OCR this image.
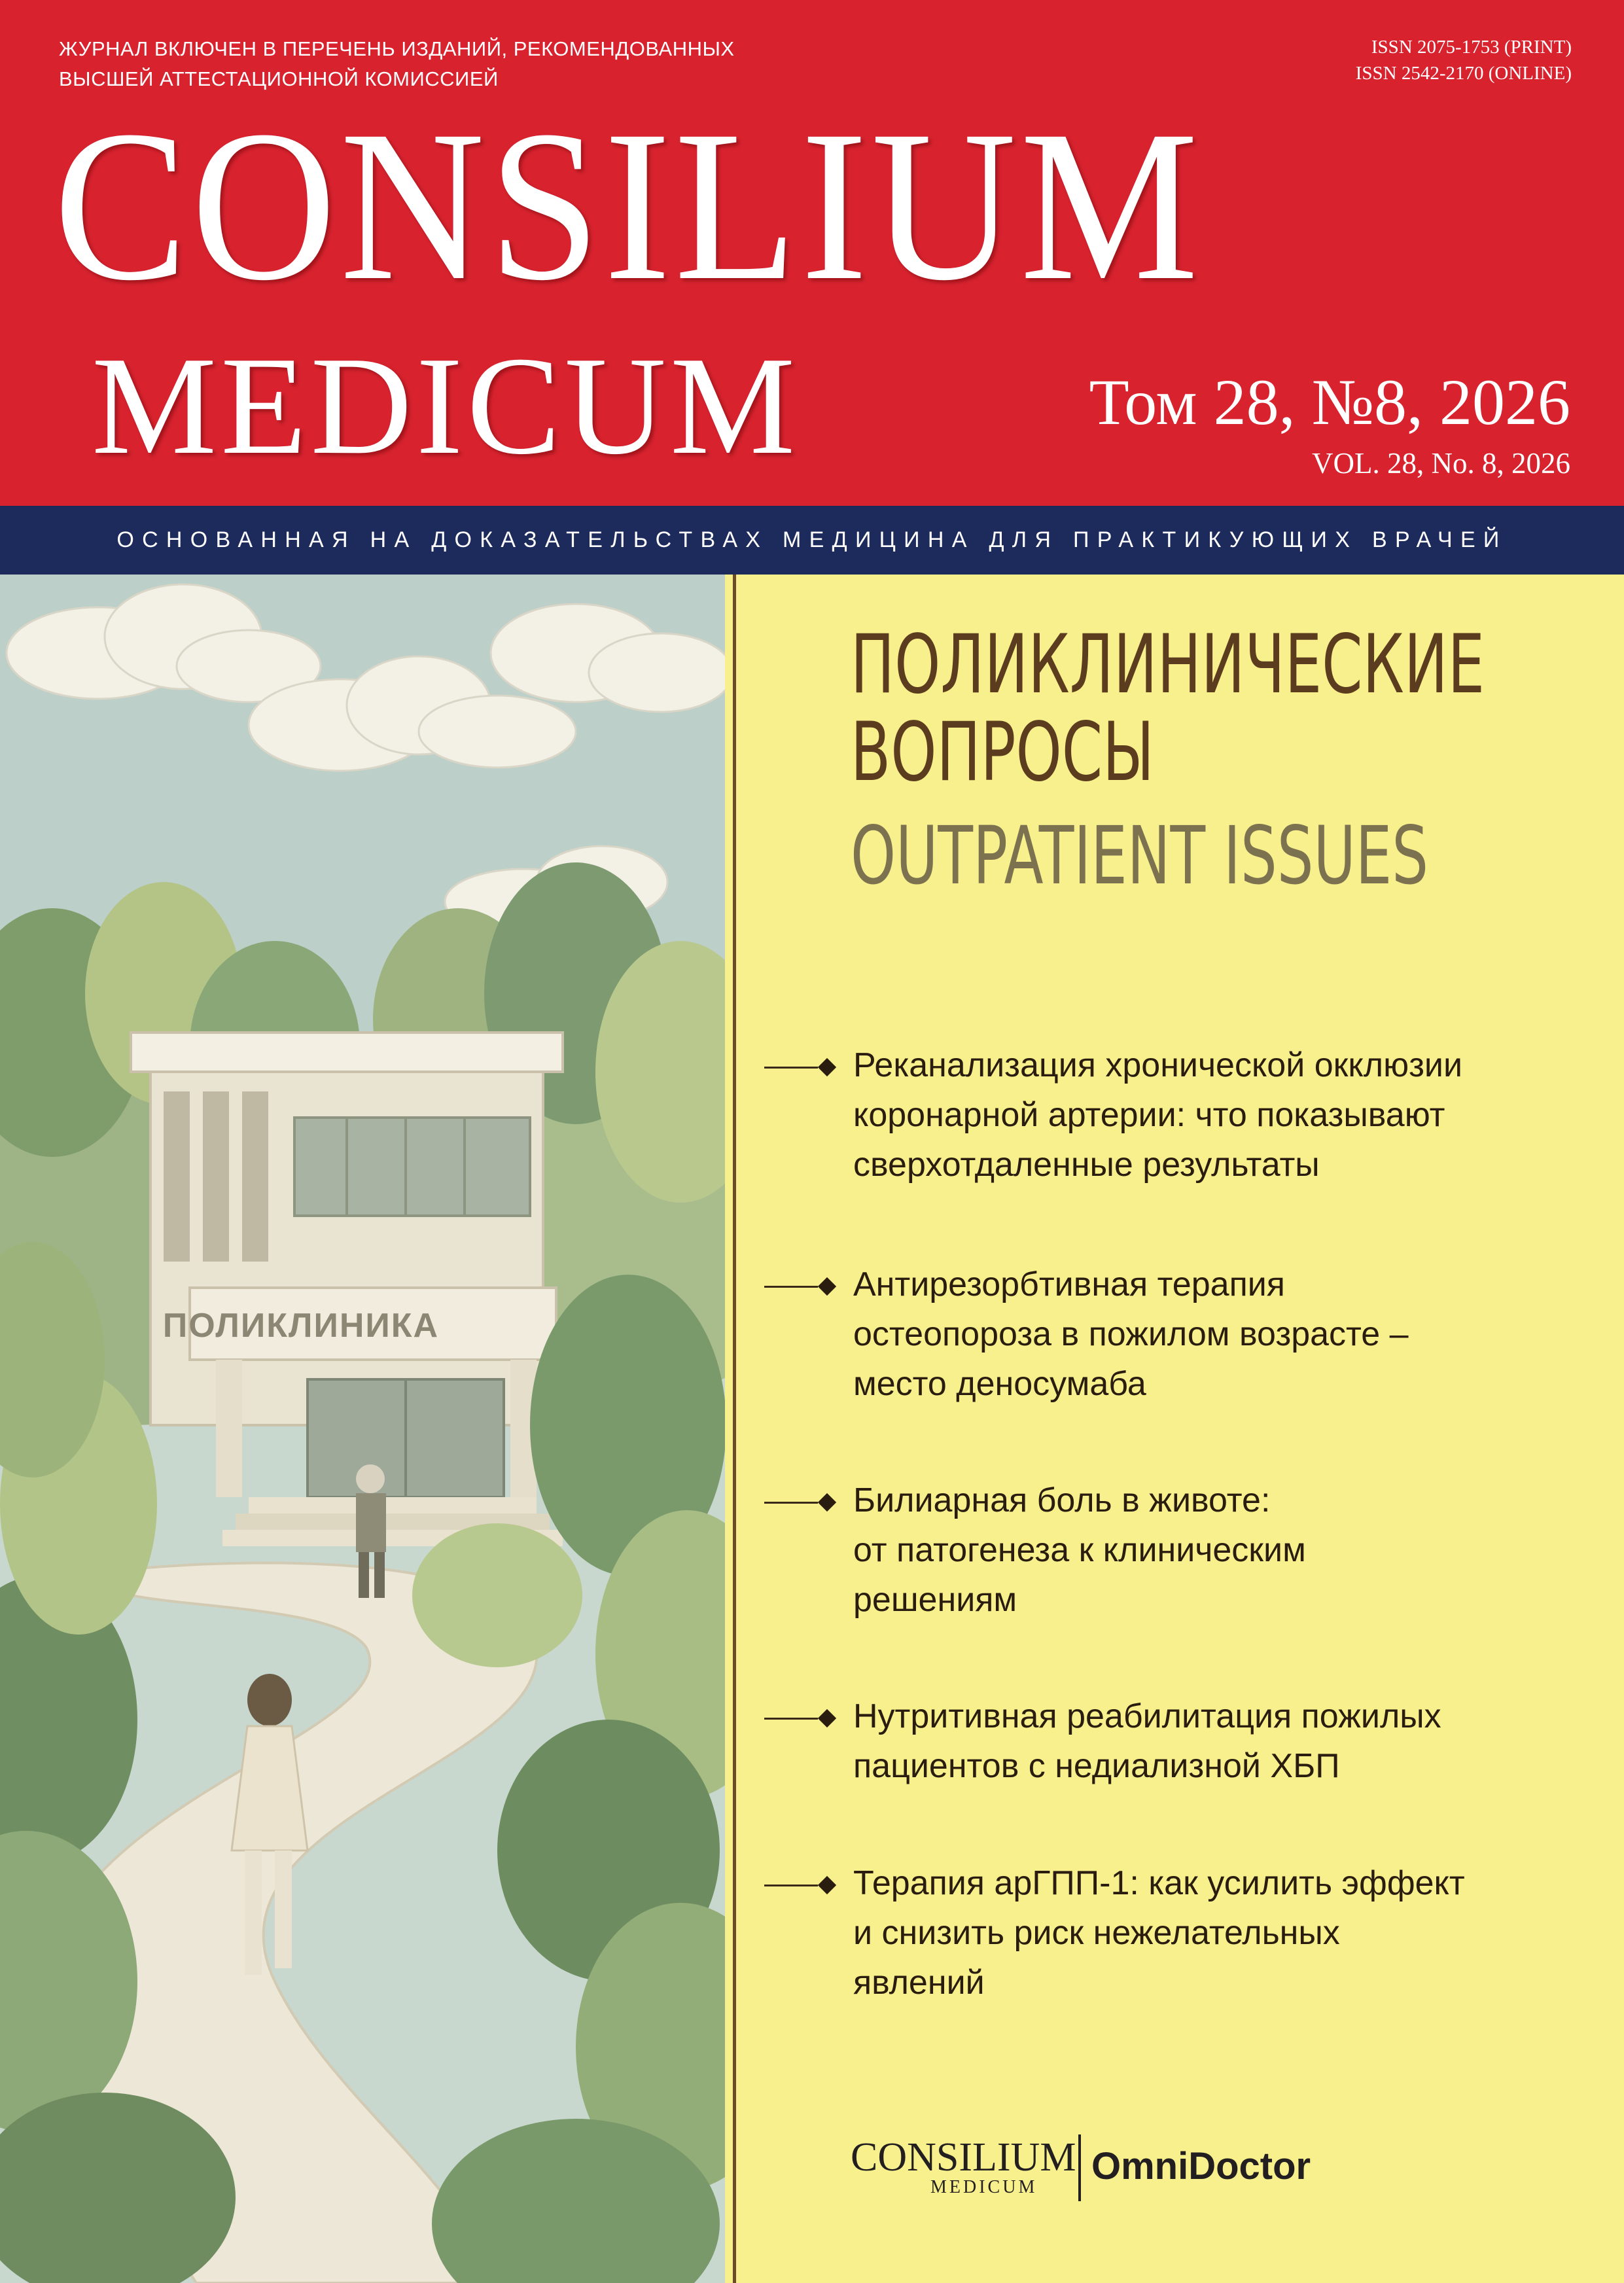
ЖУРНАЛ ВКЛЮЧЕН В ПЕРЕЧЕНЬ ИЗДАНИЙ, РЕКОМЕНДОВАННЫХ
ВЫСШЕЙ АТТЕСТАЦИОННОЙ КОМИССИЕЙ
ISSN 2075-1753 (PRINT)
ISSN 2542-2170 (ONLINE)
CONSILIUM
MEDICUM	Том 28, №8, 2026
VOL. 28, No. 8, 2026
ОСНОВАННАЯ НА ДОКАЗАТЕЛЬСТВАХ МЕДИЦИНА ДЛЯ ПРАКТИКУЮЩИХ ВРАЧЕЙ
ПОЛИКЛИНИКА
ПОЛИКЛИНИЧЕСКИЕ
ВОПРОСЫ
OUTPATIENT ISSUES
Реканализация хронической окклюзии
коронарной артерии: что показывают
сверхотдаленные результаты
Антирезорбтивная терапия
остеопороза в пожилом возрасте –
место деносумаба
Билиарная боль в животе:
от патогенеза к клиническим
решениям
Нутритивная реабилитация пожилых
пациентов с недиализной ХБП
Терапия арГПП-1: как усилить эффект
и снизить риск нежелательных
явлений
CONSILIUM
MEDICUM OmniDoctor
